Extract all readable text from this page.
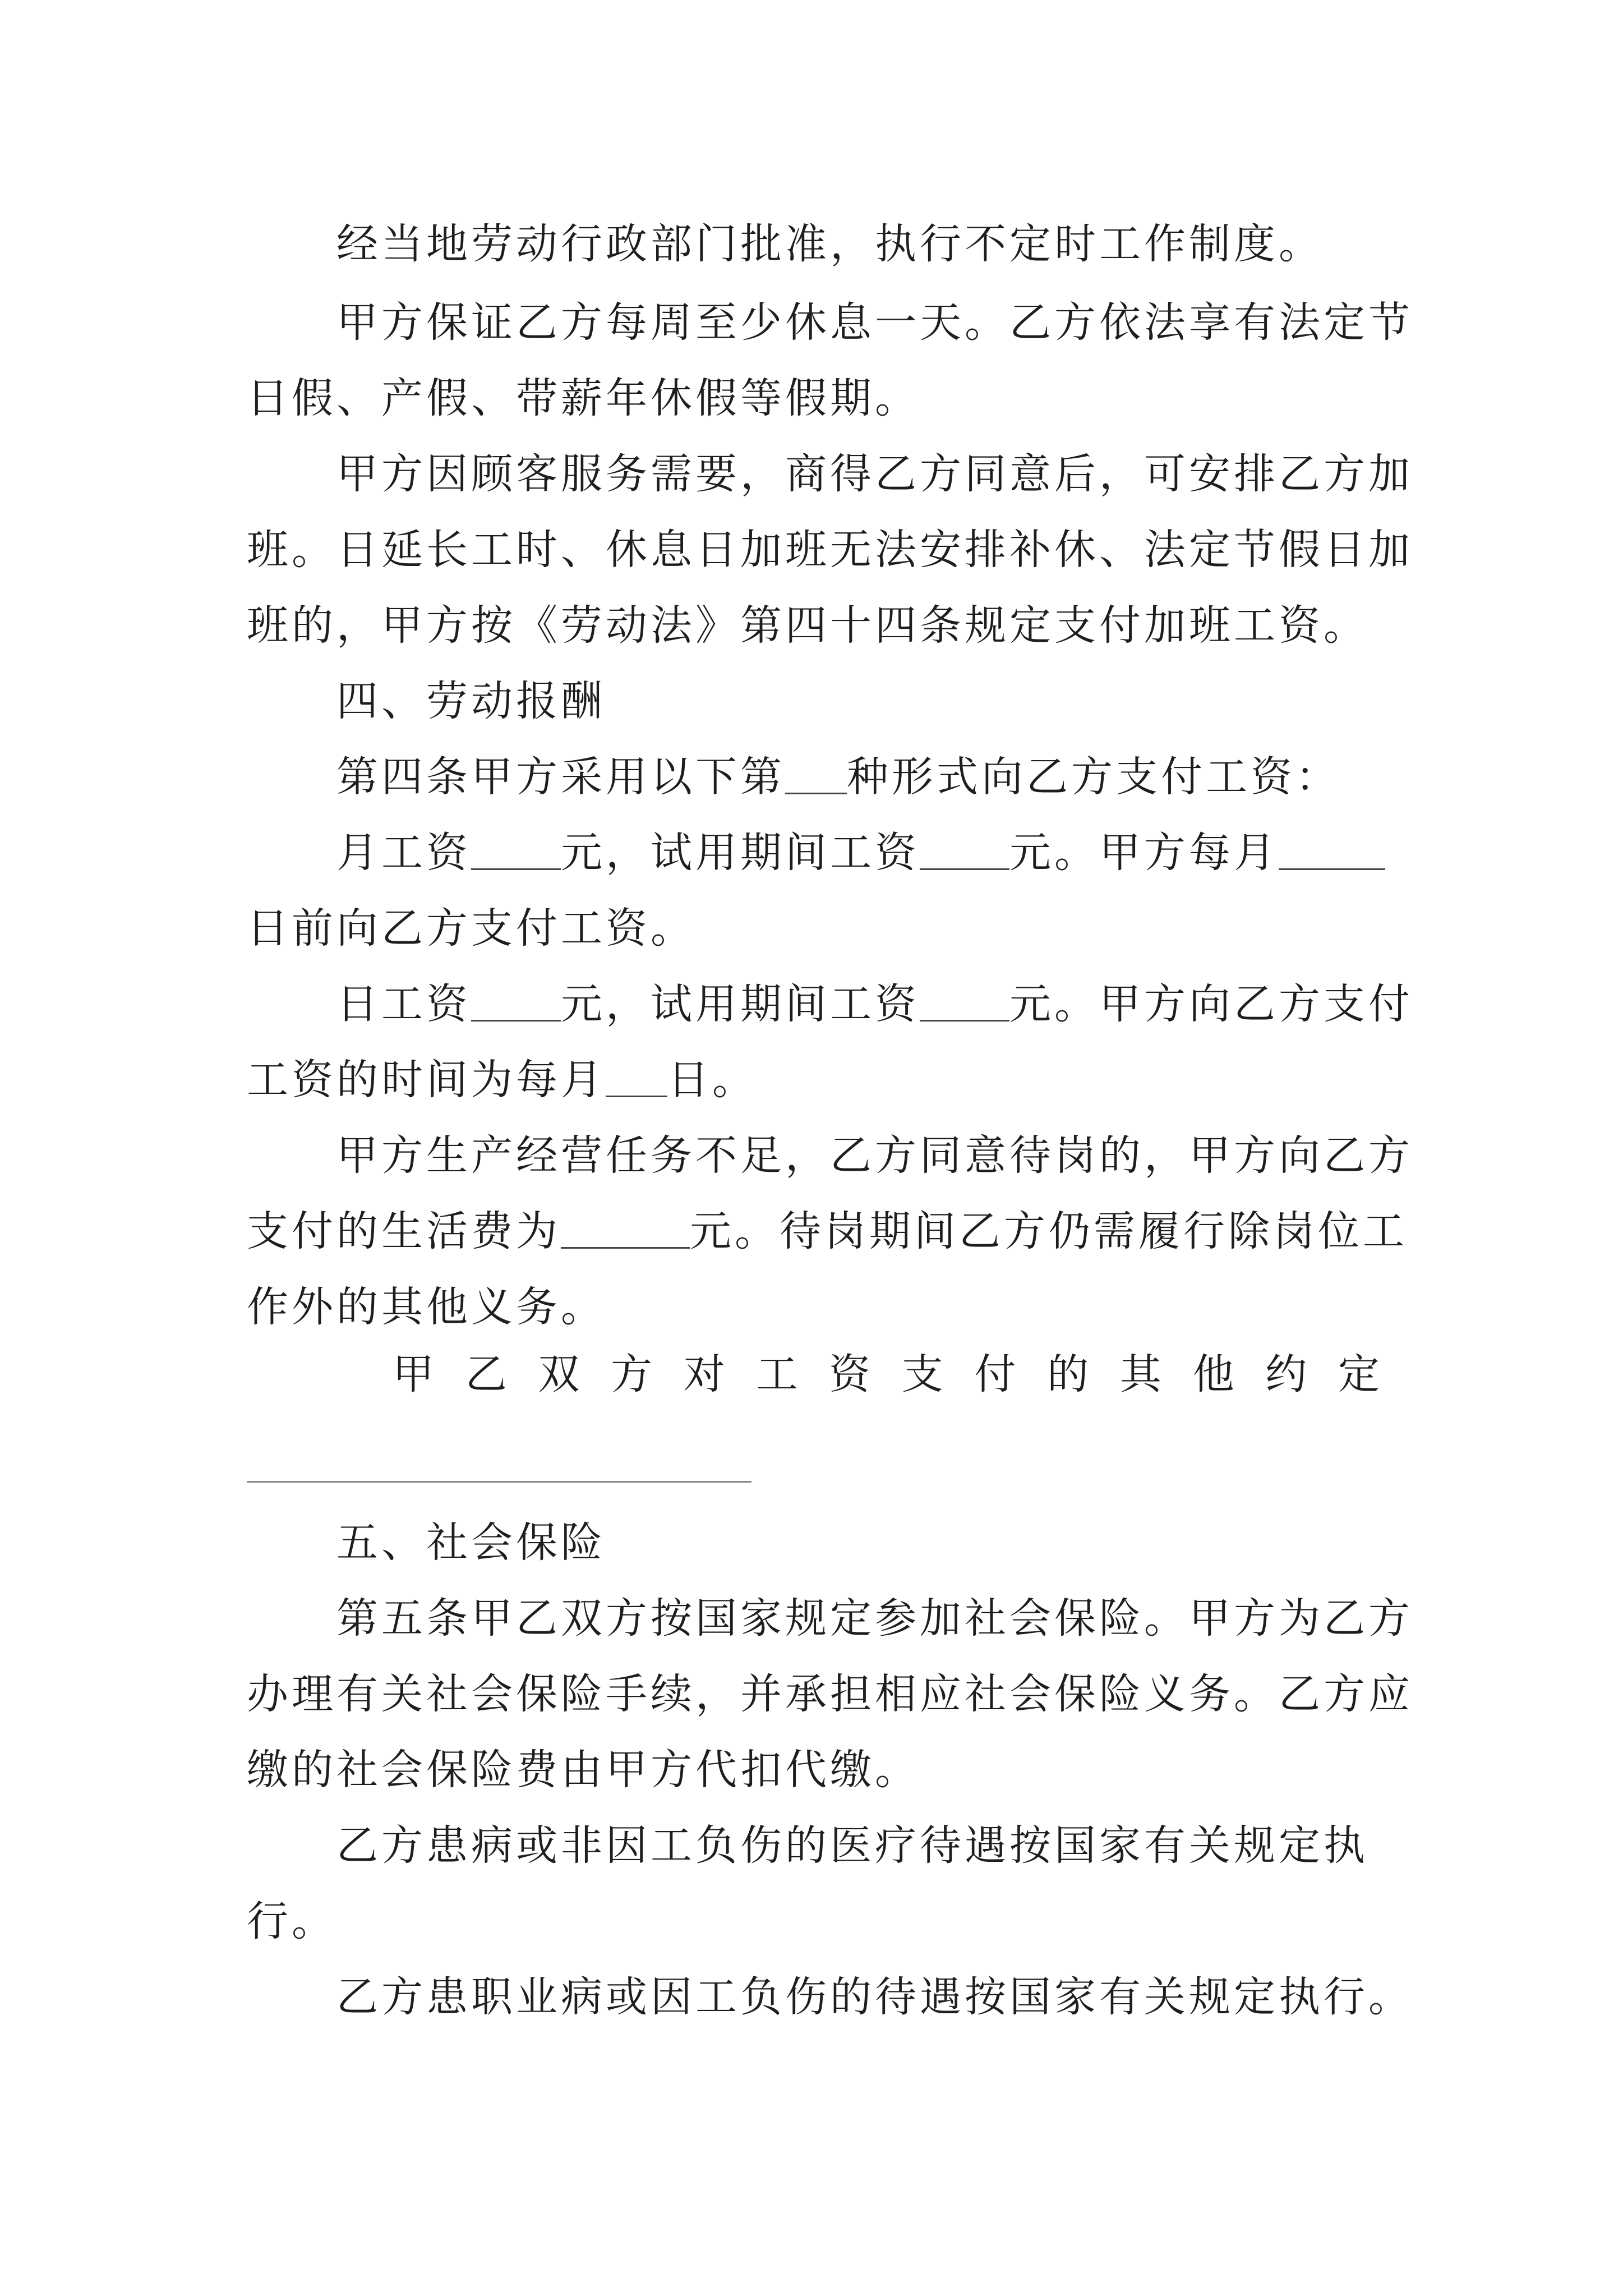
经当地劳动行政部门批准，执行不定时工作制度。
甲方保证乙方每周至少休息一天。乙方依法享有法定节
日假、产假、带薪年休假等假期。
甲方因顾客服务需要，商得乙方同意后，可安排乙方加
班。日延长工时、休息日加班无法安排补休、法定节假日加
班的，甲方按《劳动法》第四十四条规定支付加班工资。
四、劳动报酬
第四条甲方采用以下第 种形式向乙方支付工资：
月工资 元，试用期间工资 元。甲方每月
日前向乙方支付工资。
日工资 元，试用期间工资 元。甲方向乙方支付
工资的时间为每月 日。
甲方生产经营任务不足，乙方同意待岗的，甲方向乙方
支付的生活费为	元。待岗期间乙方仍需履行除岗位工
作外的其他义务。
甲 乙 双 方 对 工 资 支 付 的 其 他 约 定
五、社会保险
第五条甲乙双方按国家规定参加社会保险。甲方为乙方
办理有关社会保险手续，并承担相应社会保险义务。乙方应
缴的社会保险费由甲方代扣代缴。
乙方患病或非因工负伤的医疗待遇按国家有关规定执
行。
乙方患职业病或因工负伤的待遇按国家有关规定执行。
